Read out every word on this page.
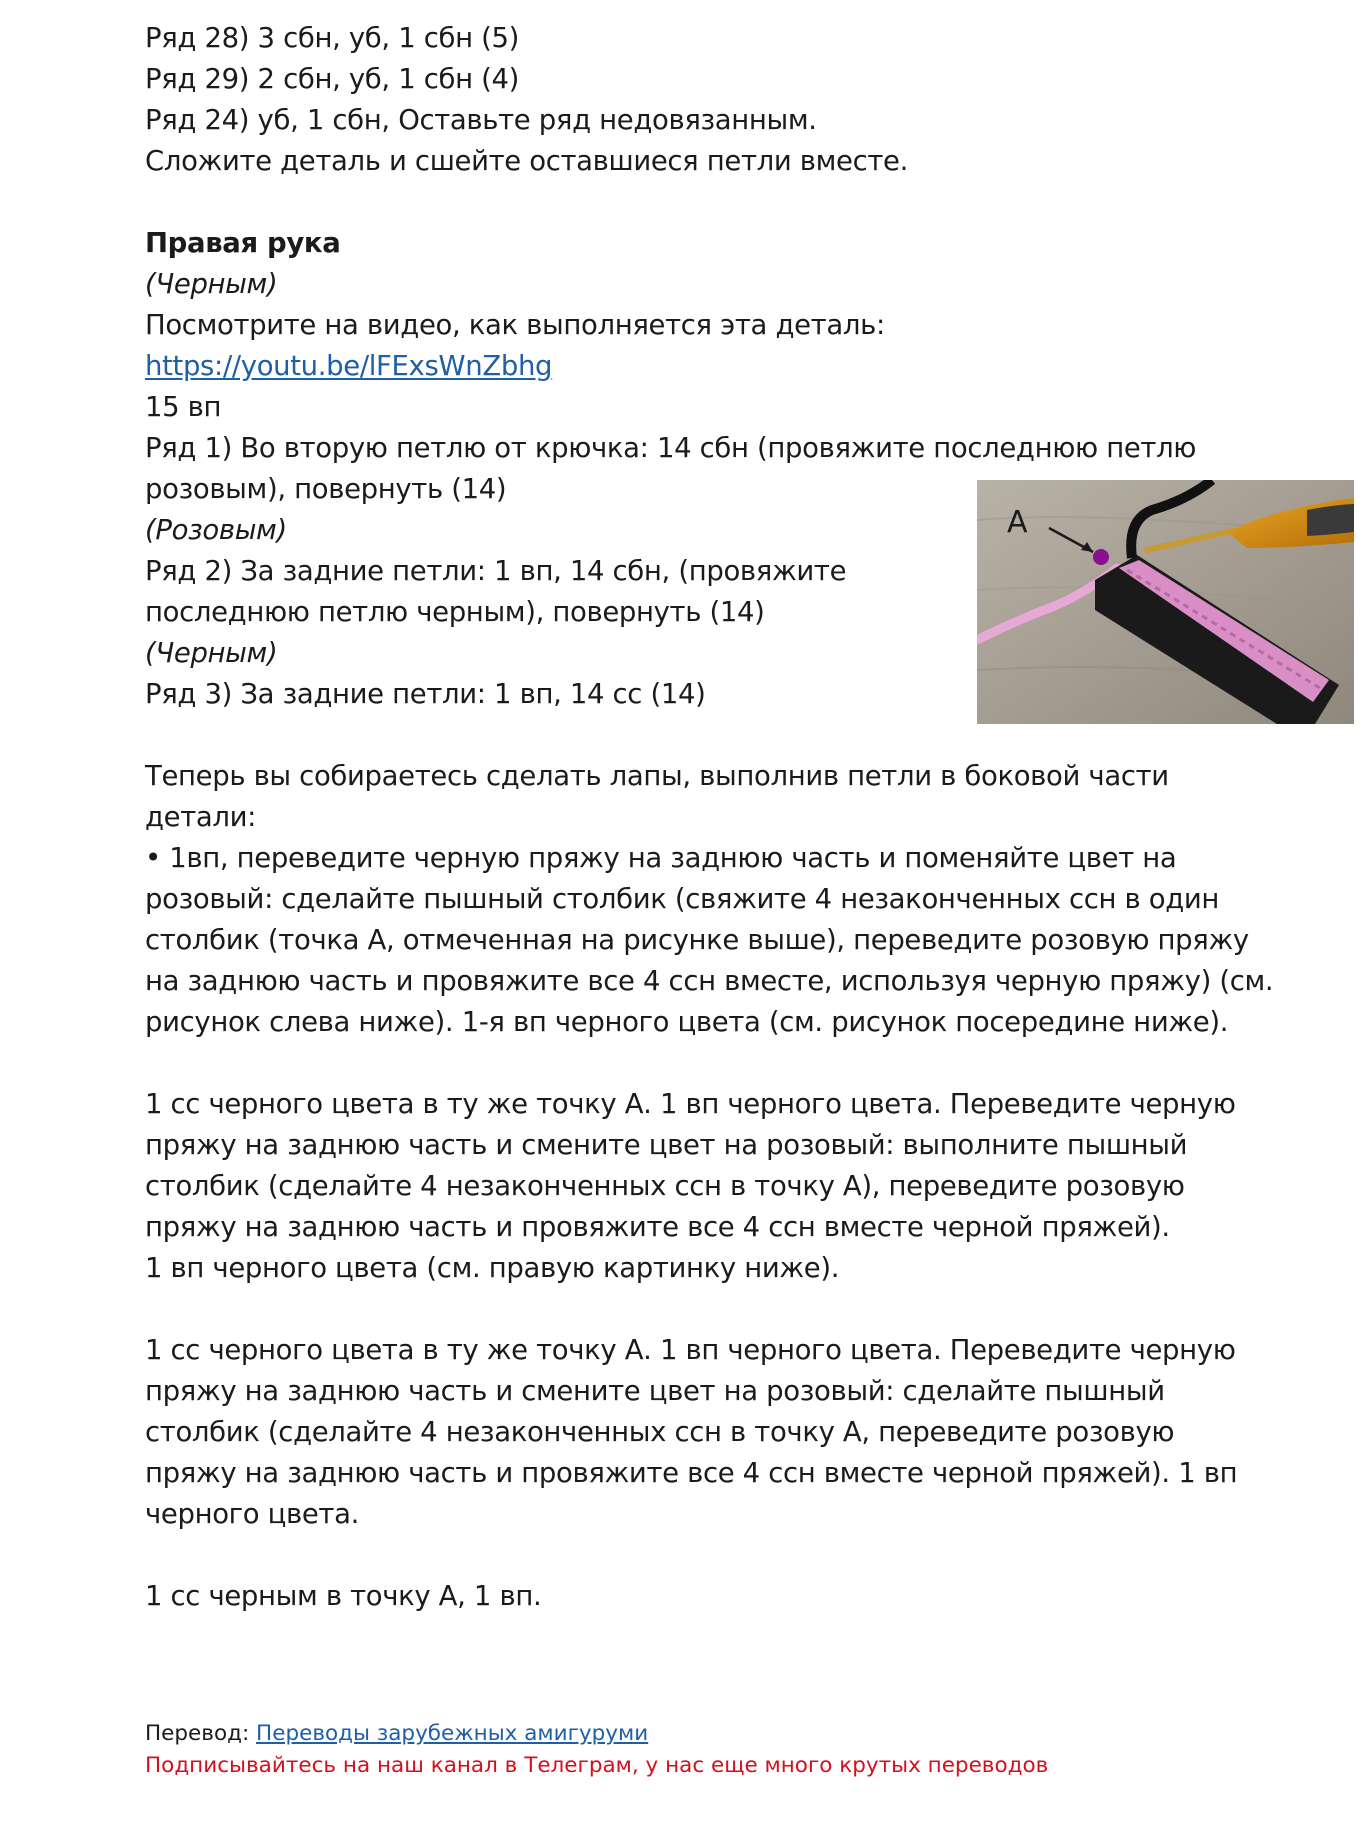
Ряд 28) 3 сбн, уб, 1 сбн (5)
Ряд 29) 2 сбн, уб, 1 сбн (4)
Ряд 24) уб, 1 сбн, Оставьте ряд недовязанным.
Сложите деталь и сшейте оставшиеся петли вместе.
Правая рука
(Черным)
Посмотрите на видео, как выполняется эта деталь:
https://youtu.be/lFExsWnZbhg
15 вп
Ряд 1) Во вторую петлю от крючка: 14 сбн (провяжите последнюю петлю
розовым), повернуть (14)
(Розовым)
Ряд 2) За задние петли: 1 вп, 14 сбн, (провяжите
последнюю петлю черным), повернуть (14)
(Черным)
Ряд 3) За задние петли: 1 вп, 14 сс (14)
A
Теперь вы собираетесь сделать лапы, выполнив петли в боковой части
детали:
• 1вп, переведите черную пряжу на заднюю часть и поменяйте цвет на
розовый: сделайте пышный столбик (свяжите 4 незаконченных ссн в один
столбик (точка А, отмеченная на рисунке выше), переведите розовую пряжу
на заднюю часть и провяжите все 4 ссн вместе, используя черную пряжу) (см.
рисунок слева ниже). 1-я вп черного цвета (см. рисунок посередине ниже).
1 сс черного цвета в ту же точку А. 1 вп черного цвета. Переведите черную
пряжу на заднюю часть и смените цвет на розовый: выполните пышный
столбик (сделайте 4 незаконченных ссн в точку А), переведите розовую
пряжу на заднюю часть и провяжите все 4 ссн вместе черной пряжей).
1 вп черного цвета (см. правую картинку ниже).
1 сс черного цвета в ту же точку А. 1 вп черного цвета. Переведите черную
пряжу на заднюю часть и смените цвет на розовый: сделайте пышный
столбик (сделайте 4 незаконченных ссн в точку А, переведите розовую
пряжу на заднюю часть и провяжите все 4 ссн вместе черной пряжей). 1 вп
черного цвета.
1 сс черным в точку А, 1 вп.
Перевод: Переводы зарубежных амигуруми
Подписывайтесь на наш канал в Телеграм, у нас еще много крутых переводов
